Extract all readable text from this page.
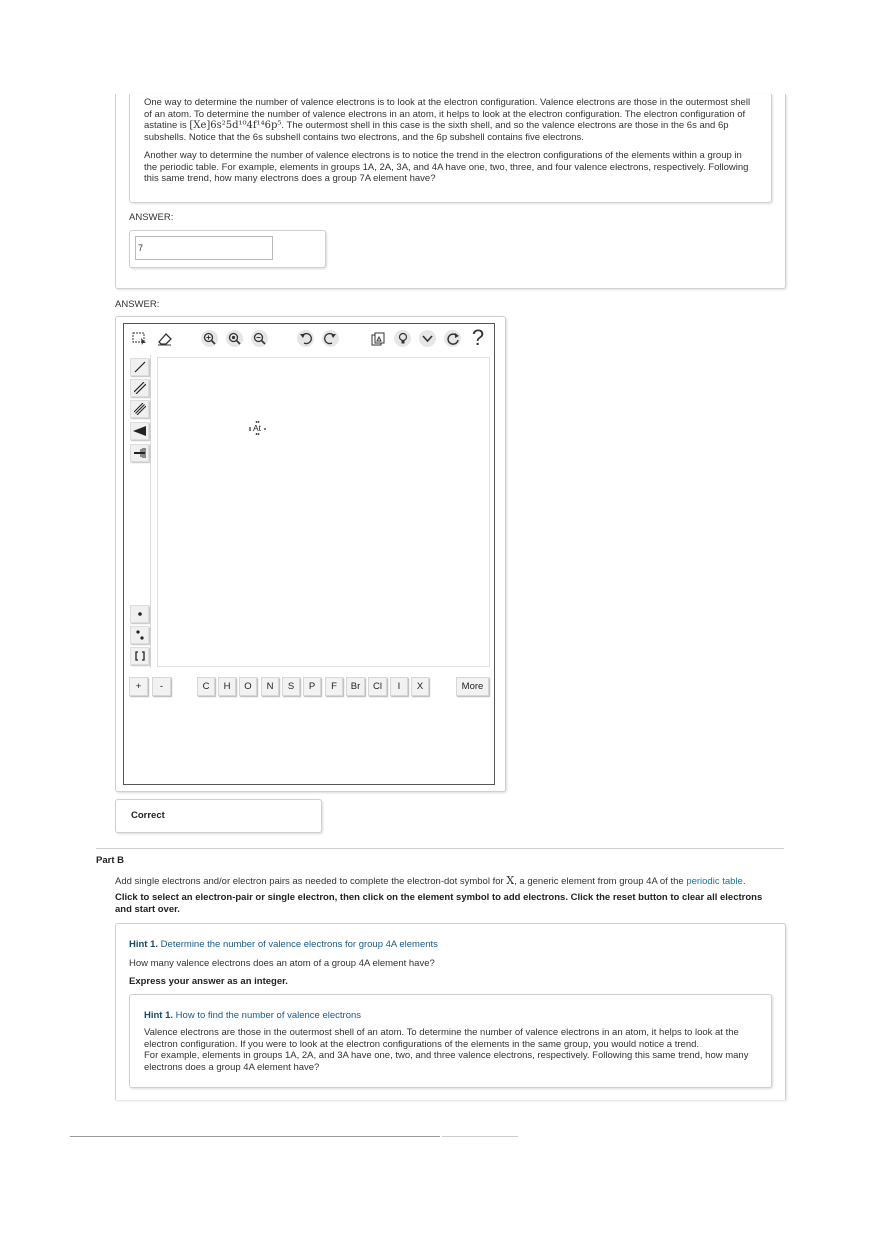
One way to determine the number of valence electrons is to look at the electron configuration. Valence electrons are those in the outermost shell of an atom. To determine the number of valence electrons in an atom, it helps to look at the electron configuration. The electron configuration of

astatine is [Xe]6s²5d¹⁰4f¹⁴6p⁵. The outermost shell in this case is the sixth shell, and so the valence electrons are those in the 6s and 6p

subshells. Notice that the 6s subshell contains two electrons, and the 6p subshell contains five electrons.

Another way to determine the number of valence electrons is to notice the trend in the electron configurations of the elements within a group in the periodic table. For example, elements in groups 1A, 2A, 3A, and 4A have one, two, three, and four valence electrons, respectively. Following this same trend, how many electrons does a group 7A element have?

ANSWER:
7
ANSWER:
?
At
+	-	C	H	O	N	S	P	F	Br	Cl	I	X	More
Correct
Part B
Add single electrons and/or electron pairs as needed to complete the electron-dot symbol for X, a generic element from group 4A of the periodic table.
Click to select an electron-pair or single electron, then click on the element symbol to add electrons. Click the reset button to clear all electrons and start over.
Hint 1. Determine the number of valence electrons for group 4A elements
How many valence electrons does an atom of a group 4A element have?
Express your answer as an integer.
Hint 1. How to find the number of valence electrons

Valence electrons are those in the outermost shell of an atom. To determine the number of valence electrons in an atom, it helps to look at the electron configuration. If you were to look at the electron configurations of the elements in the same group, you would notice a trend.

For example, elements in groups 1A, 2A, and 3A have one, two, and three valence electrons, respectively. Following this same trend, how many electrons does a group 4A element have?
